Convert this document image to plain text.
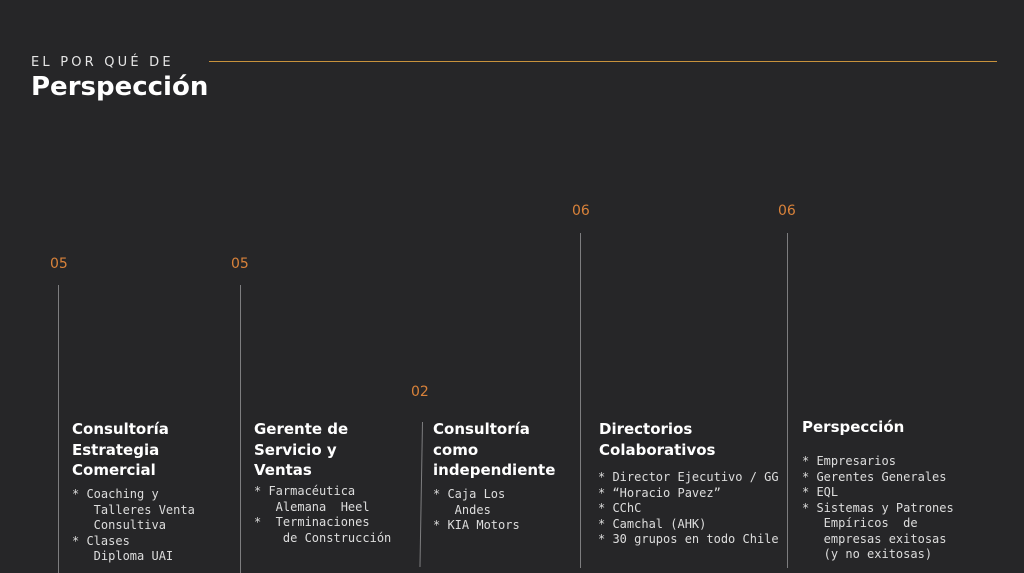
EL POR QUÉ DE
Perspección
05
Consultoría
Estrategia
Comercial
* Coaching y
Talleres Venta
Consultiva
* Clases
Diploma UAI
05
Gerente de
Servicio y
Ventas
* Farmacéutica
Alemana  Heel
*  Terminaciones
de Construcción
02
Consultoría
como
independiente
* Caja Los
Andes
* KIA Motors
06
Directorios
Colaborativos
* Director Ejecutivo / GG
* “Horacio Pavez”
* CChC
* Camchal (AHK)
* 30 grupos en todo Chile
06
Perspección
* Empresarios
* Gerentes Generales
* EQL
* Sistemas y Patrones
Empíricos  de
empresas exitosas
(y no exitosas)
